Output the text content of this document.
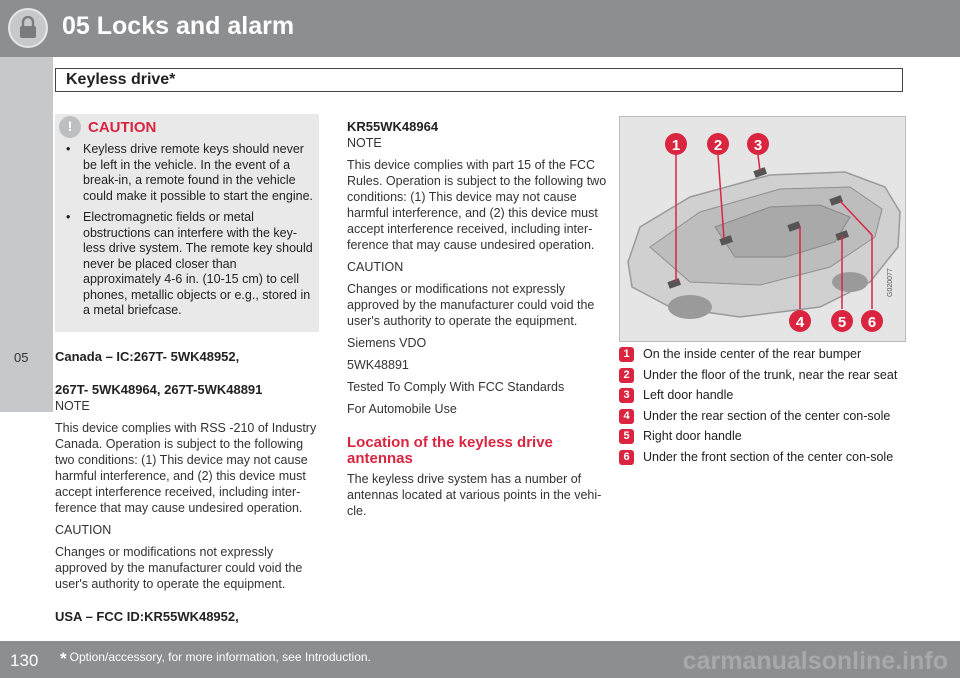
05 Locks and alarm
05
Keyless drive*
!	CAUTION
• Keyless drive remote keys should never be left in the vehicle. In the event of a break-in, a remote found in the vehicle could make it possible to start the engine.
• Electromagnetic fields or metal obstructions can interfere with the key-less drive system. The remote key should never be placed closer than approximately 4-6 in. (10-15 cm) to cell phones, metallic objects or e.g., stored in a metal briefcase.
Canada – IC:267T- 5WK48952,
267T- 5WK48964, 267T-5WK48891

NOTE

This device complies with RSS -210 of Industry Canada. Operation is subject to the following two conditions: (1) This device may not cause harmful interference, and (2) this device must accept interference received, including inter-ference that may cause undesired operation.

CAUTION

Changes or modifications not expressly approved by the manufacturer could void the user's authority to operate the equipment.

USA – FCC ID:KR55WK48952,
KR55WK48964

NOTE

This device complies with part 15 of the FCC Rules. Operation is subject to the following two conditions: (1) This device may not cause harmful interference, and (2) this device must accept interference received, including inter-ference that may cause undesired operation.

CAUTION

Changes or modifications not expressly approved by the manufacturer could void the user's authority to operate the equipment.

Siemens VDO

5WK48891

Tested To Comply With FCC Standards

For Automobile Use

Location of the keyless drive antennas

The keyless drive system has a number of antennas located at various points in the vehi-cle.

1 2 3
4 5 6
G020077
1	On the inside center of the rear bumper
2	Under the floor of the trunk, near the rear seat
3	Left door handle
4	Under the rear section of the center con-sole
5	Right door handle
6	Under the front section of the center con-sole
130 * Option/accessory, for more information, see Introduction.	carmanualsonline.info
